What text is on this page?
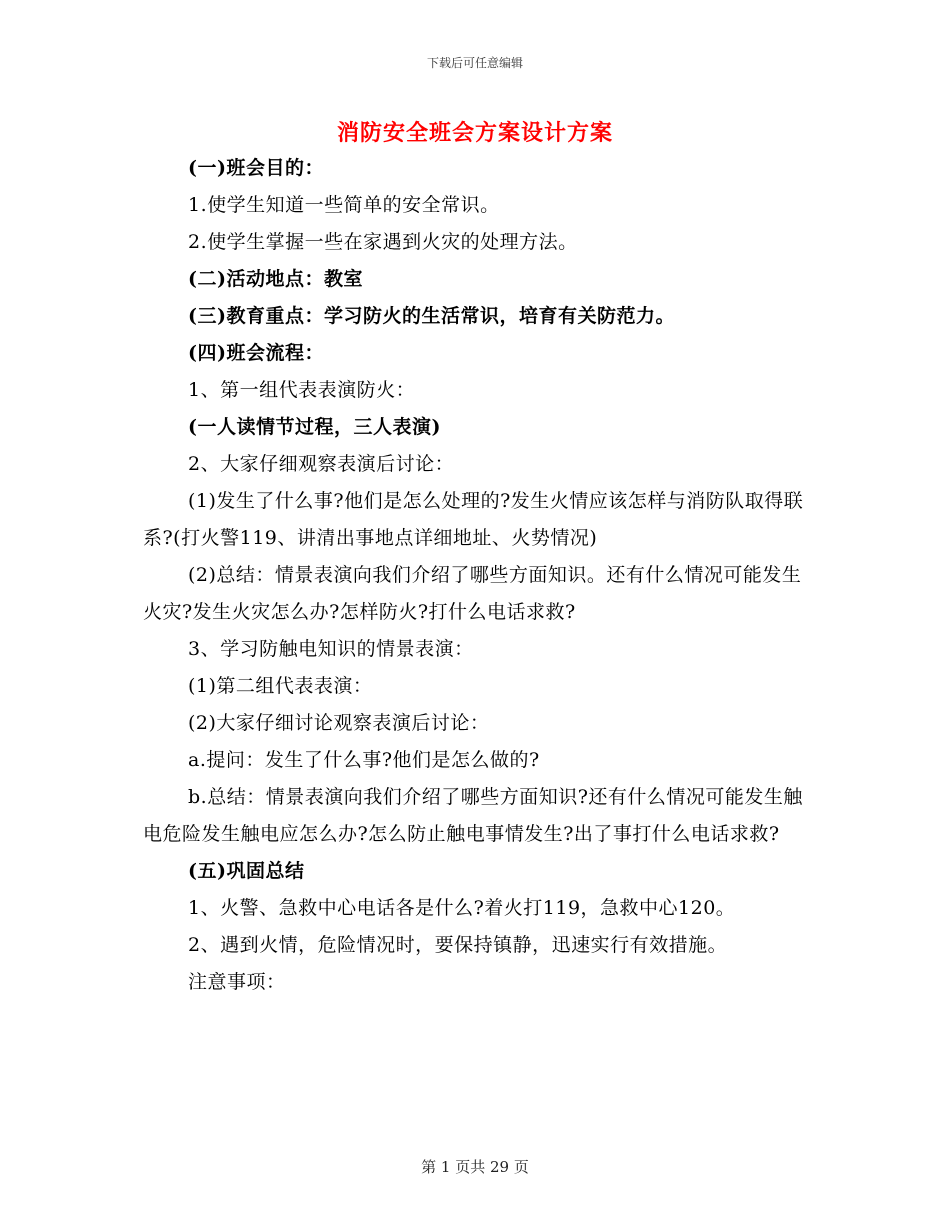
下载后可任意编辑
消防安全班会方案设计方案

(一)班会目的：

1.使学生知道一些简单的安全常识。

2.使学生掌握一些在家遇到火灾的处理方法。

(二)活动地点：教室

(三)教育重点：学习防火的生活常识，培育有关防范力。

(四)班会流程：

1、第一组代表表演防火：

(一人读情节过程，三人表演)

2、大家仔细观察表演后讨论：

(1)发生了什么事?他们是怎么处理的?发生火情应该怎样与消防队取得联系?(打火警119、讲清出事地点详细地址、火势情况)

(2)总结：情景表演向我们介绍了哪些方面知识。还有什么情况可能发生火灾?发生火灾怎么办?怎样防火?打什么电话求救?

3、学习防触电知识的情景表演：

(1)第二组代表表演：

(2)大家仔细讨论观察表演后讨论：

a.提问：发生了什么事?他们是怎么做的?

b.总结：情景表演向我们介绍了哪些方面知识?还有什么情况可能发生触电危险发生触电应怎么办?怎么防止触电事情发生?出了事打什么电话求救?

(五)巩固总结

1、火警、急救中心电话各是什么?着火打119，急救中心120。

2、遇到火情，危险情况时，要保持镇静，迅速实行有效措施。

注意事项：

第 1 页共 29 页
